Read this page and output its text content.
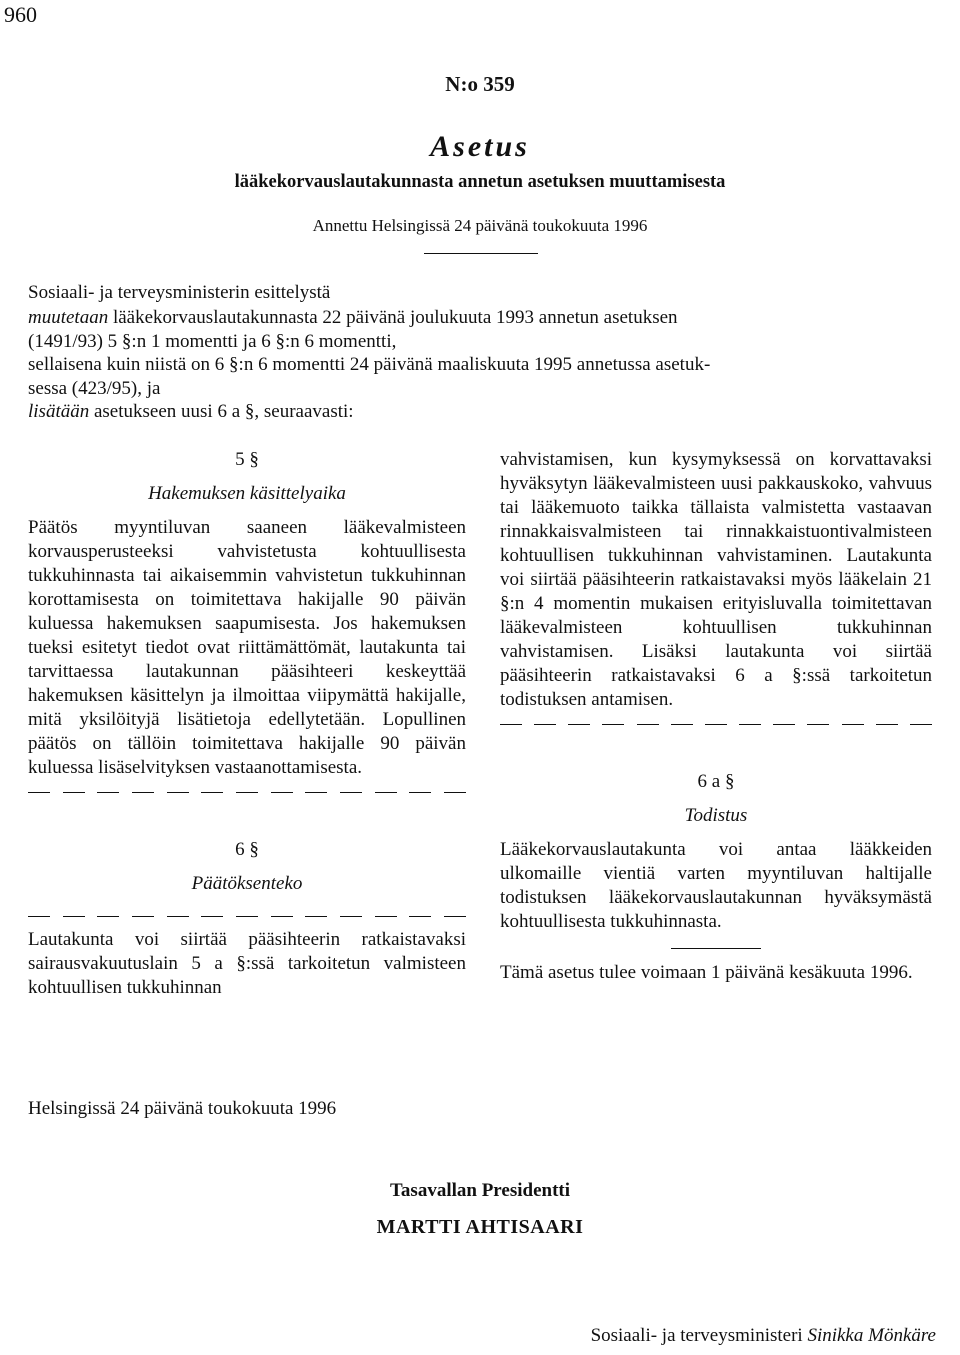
960
N:o 359
Asetus
lääkekorvauslautakunnasta annetun asetuksen muuttamisesta
Annettu Helsingissä 24 päivänä toukokuuta 1996
Sosiaali- ja terveysministerin esittelystä

muutetaan lääkekorvauslautakunnasta 22 päivänä joulukuuta 1993 annetun asetuksen

(1491/93) 5 §:n 1 momentti ja 6 §:n 6 momentti,

sellaisena kuin niistä on 6 §:n 6 momentti 24 päivänä maaliskuuta 1995 annetussa asetuk-

sessa (423/95), ja

lisätään asetukseen uusi 6 a §, seuraavasti:

5 §
Hakemuksen käsittelyaika

Päätös myyntiluvan saaneen lääkevalmisteen korvausperusteeksi vahvistetusta kohtuullisesta tukkuhinnasta tai aikaisemmin vahvistetun tukkuhinnan korottamisesta on toimitettava hakijalle 90 päivän kuluessa hakemuksen saapumisesta. Jos hakemuksen tueksi esitetyt tiedot ovat riittämättömät, lautakunta tai tarvittaessa lautakunnan pääsihteeri keskeyttää hakemuksen käsittelyn ja ilmoittaa viipymättä hakijalle, mitä yksilöityjä lisätietoja edellytetään. Lopullinen päätös on tällöin toimitettava hakijalle 90 päivän kuluessa lisäselvityksen vastaanottamisesta.

6 §
Päätöksenteko

Lautakunta voi siirtää pääsihteerin ratkaistavaksi sairausvakuutuslain 5 a §:ssä tarkoitetun valmisteen kohtuullisen tukkuhinnan

vahvistamisen, kun kysymyksessä on korvattavaksi hyväksytyn lääkevalmisteen uusi pakkauskoko, vahvuus tai lääkemuoto taikka tällaista valmistetta vastaavan rinnakkaisvalmisteen tai rinnakkaistuontivalmisteen kohtuullisen tukkuhinnan vahvistaminen. Lautakunta voi siirtää pääsihteerin ratkaistavaksi myös lääkelain 21 §:n 4 momentin mukaisen erityisluvalla toimitettavan lääkevalmisteen kohtuullisen tukkuhinnan vahvistamisen. Lisäksi lautakunta voi siirtää pääsihteerin ratkaistavaksi 6 a §:ssä tarkoitetun todistuksen antamisen.

6 a §
Todistus

Lääkekorvauslautakunta voi antaa lääkkeiden ulkomaille vientiä varten myyntiluvan haltijalle todistuksen lääkekorvauslautakunnan hyväksymästä kohtuullisesta tukkuhinnasta.

Tämä asetus tulee voimaan 1 päivänä kesäkuuta 1996.

Helsingissä 24 päivänä toukokuuta 1996
Tasavallan Presidentti
MARTTI AHTISAARI
Sosiaali- ja terveysministeri Sinikka Mönkäre
